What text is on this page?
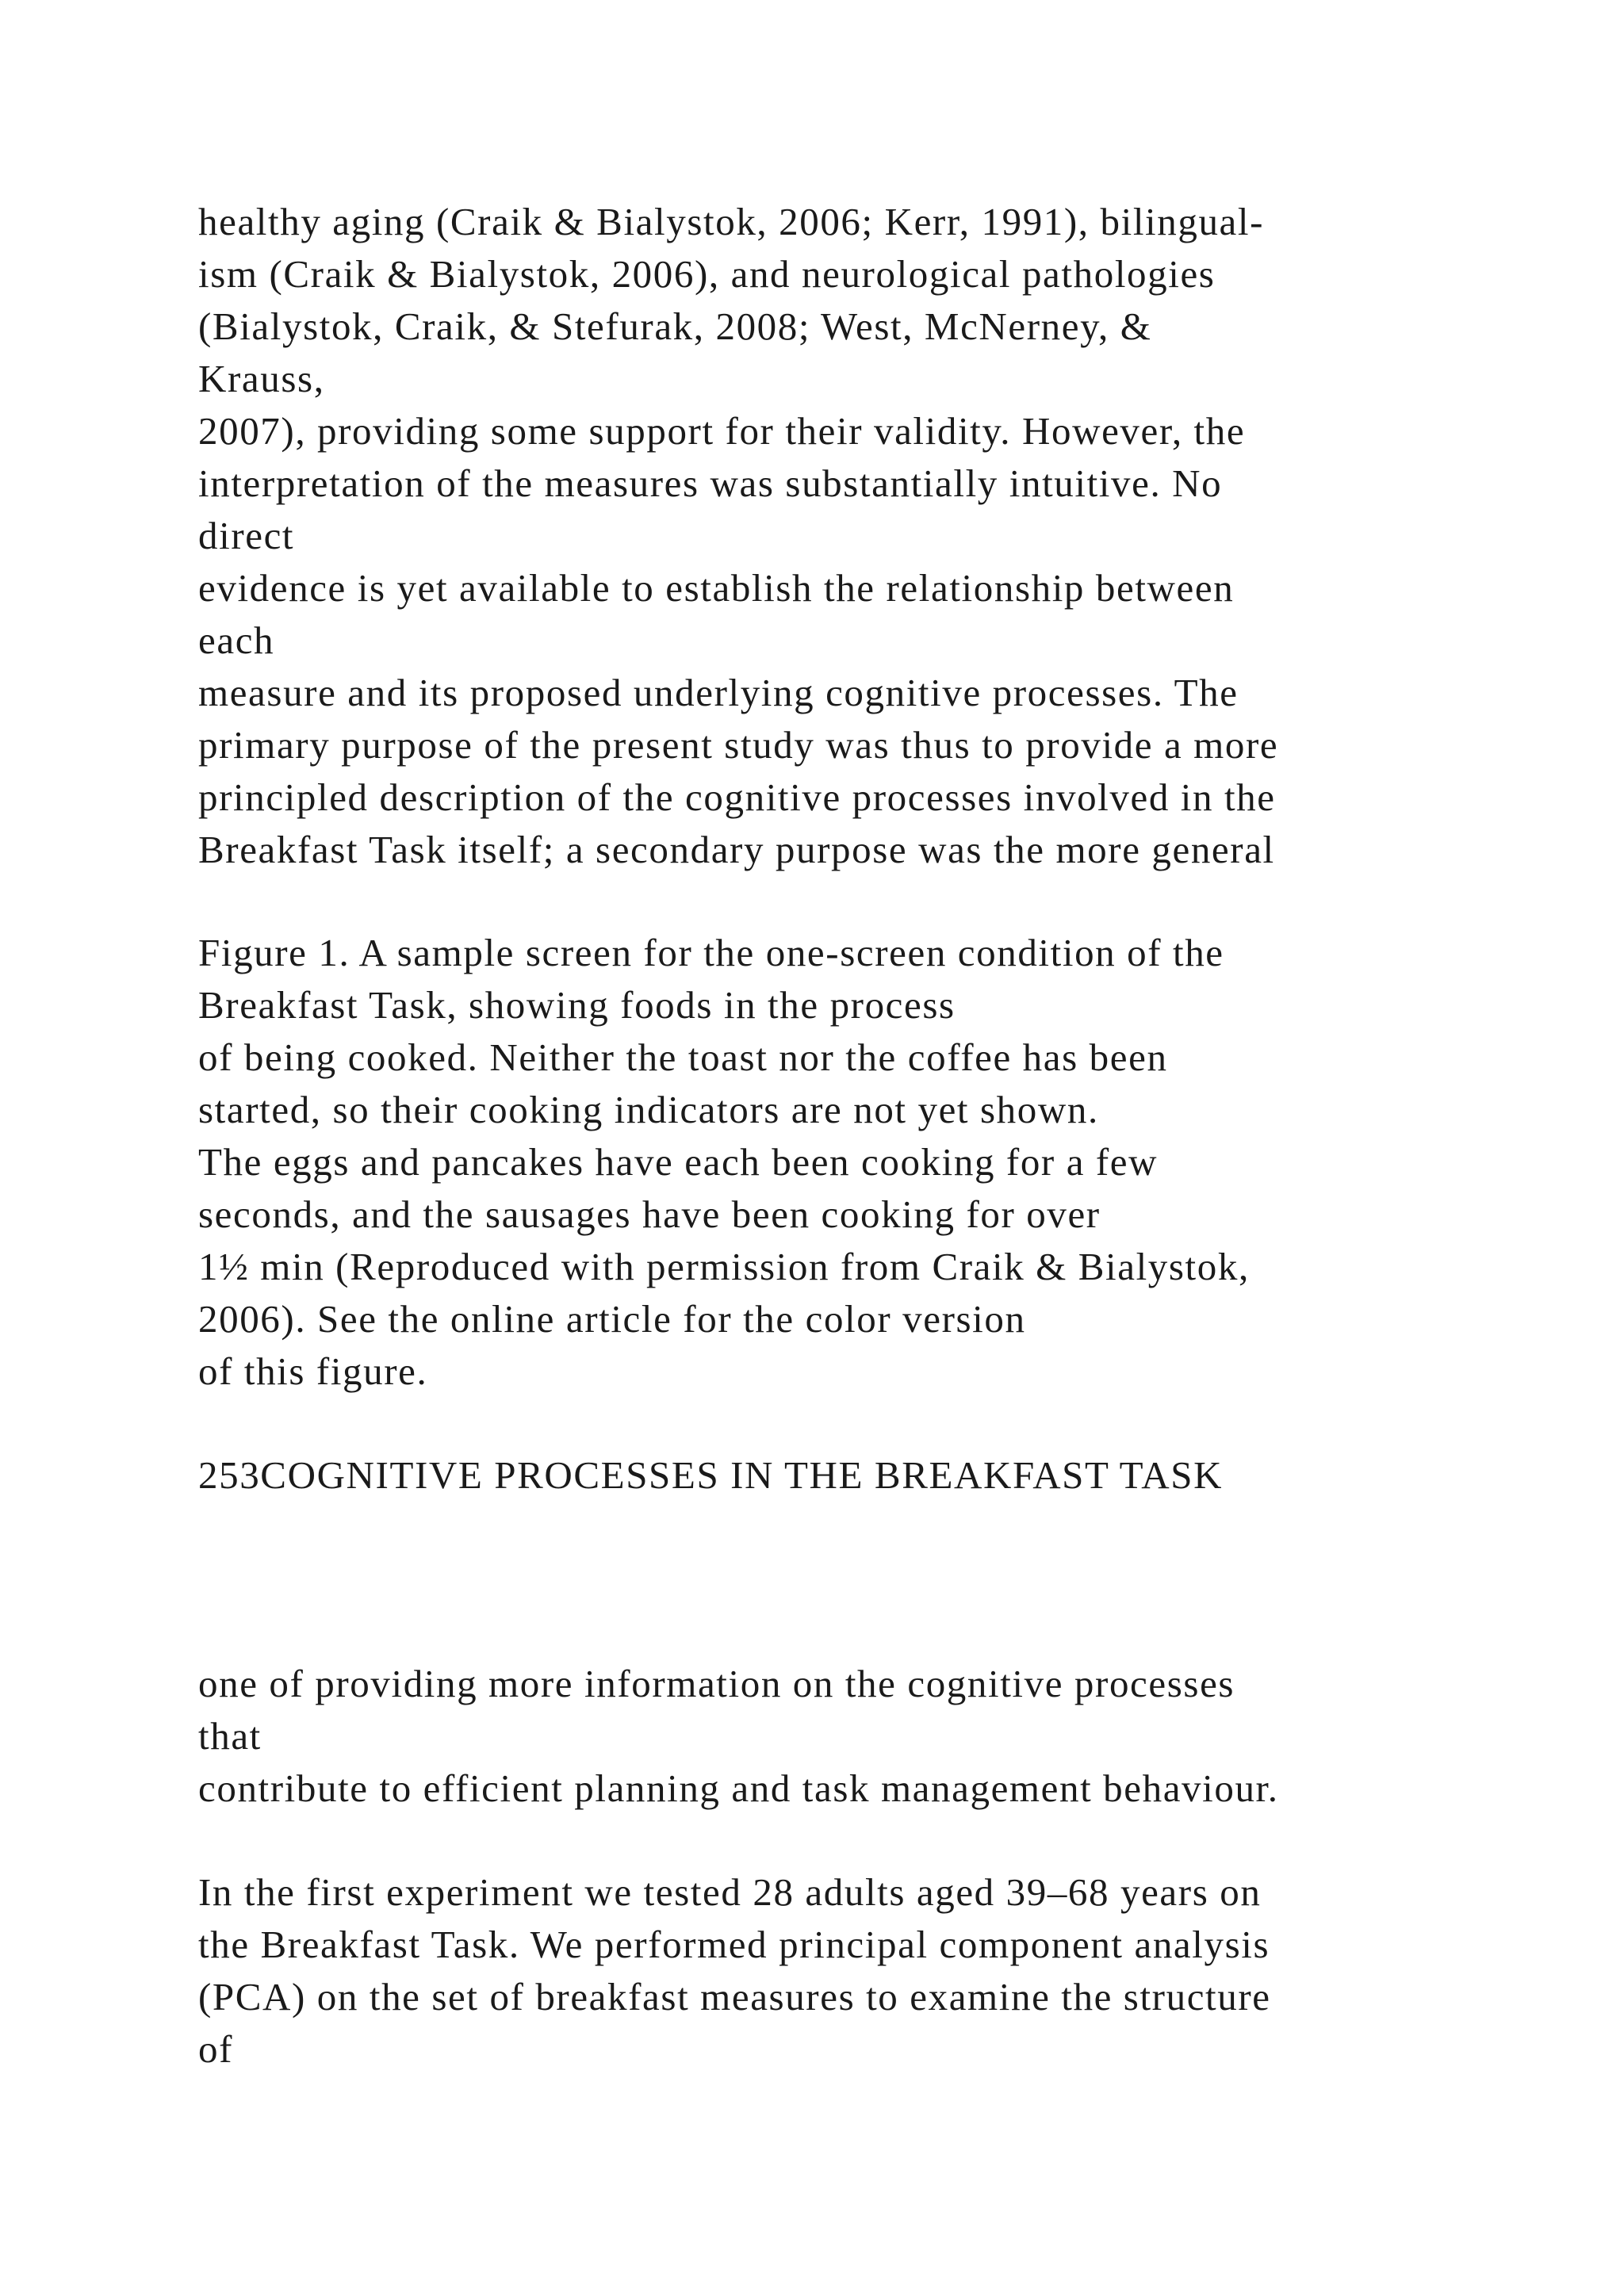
healthy aging (Craik & Bialystok, 2006; Kerr, 1991), bilingual-
ism (Craik & Bialystok, 2006), and neurological pathologies
(Bialystok, Craik, & Stefurak, 2008; West, McNerney, &
Krauss,
2007), providing some support for their validity. However, the
interpretation of the measures was substantially intuitive. No
direct
evidence is yet available to establish the relationship between
each
measure and its proposed underlying cognitive processes. The
primary purpose of the present study was thus to provide a more
principled description of the cognitive processes involved in the
Breakfast Task itself; a secondary purpose was the more general
Figure 1. A sample screen for the one-screen condition of the
Breakfast Task, showing foods in the process
of being cooked. Neither the toast nor the coffee has been
started, so their cooking indicators are not yet shown.
The eggs and pancakes have each been cooking for a few
seconds, and the sausages have been cooking for over
1½ min (Reproduced with permission from Craik & Bialystok,
2006). See the online article for the color version
of this figure.
253COGNITIVE PROCESSES IN THE BREAKFAST TASK
one of providing more information on the cognitive processes
that
contribute to efficient planning and task management behaviour.
In the first experiment we tested 28 adults aged 39–68 years on
the Breakfast Task. We performed principal component analysis
(PCA) on the set of breakfast measures to examine the structure
of
